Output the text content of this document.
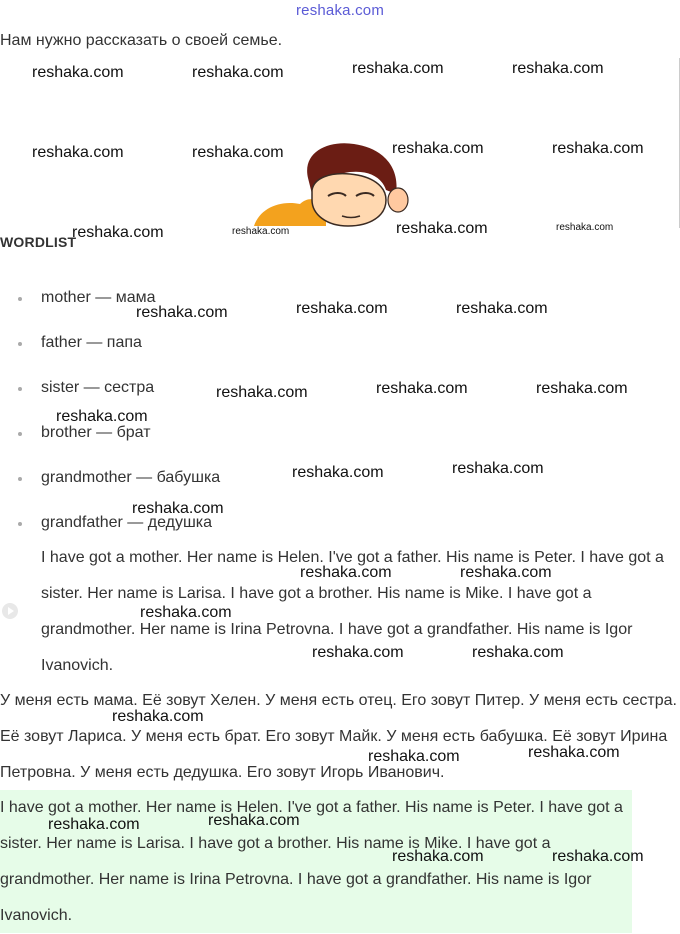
reshaka.com
Нам нужно рассказать о своей семье.
WORDLIST
mother — мама
father — папа
sister — сестра
brother — брат
grandmother — бабушка
grandfather — дедушка
I have got a mother. Her name is Helen. I've got a father. His name is Peter. I have got a sister. Her name is Larisa. I have got a brother. His name is Mike. I have got a grandmother. Her name is Irina Petrovna. I have got a grandfather. His name is Igor Ivanovich.
У меня есть мама. Её зовут Хелен. У меня есть отец. Его зовут Питер. У меня есть сестра. Её зовут Лариса. У меня есть брат. Его зовут Майк. У меня есть бабушка. Её зовут Ирина Петровна. У меня есть дедушка. Его зовут Игорь Иванович.
I have got a mother. Her name is Helen. I've got a father. His name is Peter. I have got a sister. Her name is Larisa. I have got a brother. His name is Mike. I have got a grandmother. Her name is Irina Petrovna. I have got a grandfather. His name is Igor Ivanovich.
reshaka.com	reshaka.com	reshaka.com	reshaka.com
reshaka.com	reshaka.com	reshaka.com	reshaka.com
reshaka.com	reshaka.com	reshaka.com	reshaka.com
reshaka.com	reshaka.com	reshaka.com
reshaka.com	reshaka.com	reshaka.com
reshaka.com
reshaka.com	reshaka.com
reshaka.com
reshaka.com	reshaka.com
reshaka.com
reshaka.com	reshaka.com
reshaka.com
reshaka.com	reshaka.com
reshaka.com	reshaka.com
reshaka.com	reshaka.com
